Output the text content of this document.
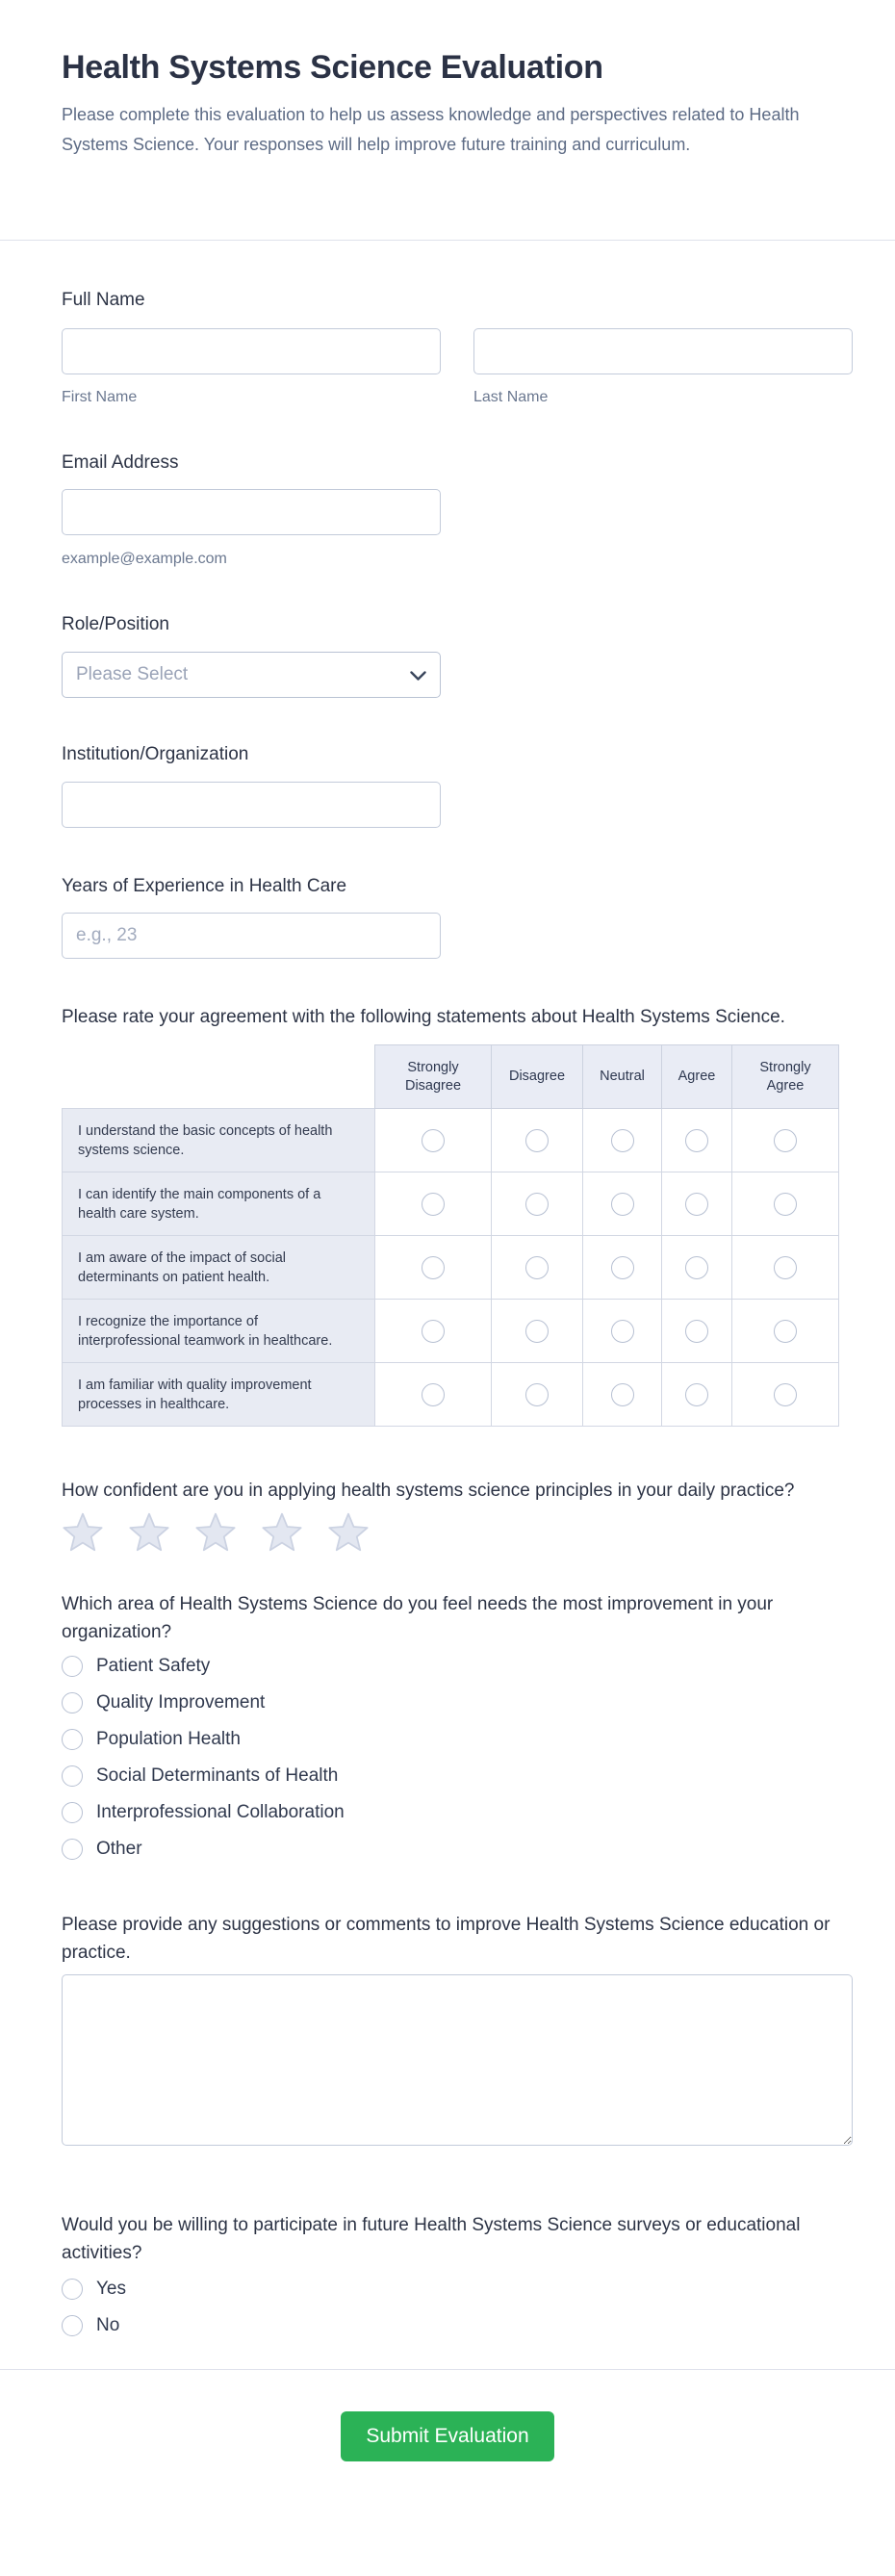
Health Systems Science Evaluation

Please complete this evaluation to help us assess knowledge and perspectives related to Health Systems Science. Your responses will help improve future training and curriculum.

Full Name
First Name	Last Name
Email Address
example@example.com
Role/Position
Please Select
Institution/Organization
Years of Experience in Health Care
e.g., 23
Please rate your agreement with the following statements about Health Systems Science.
	Strongly Disagree	Disagree	Neutral	Agree	Strongly Agree
I understand the basic concepts of health systems science.					
I can identify the main components of a health care system.					
I am aware of the impact of social determinants on patient health.					
I recognize the importance of interprofessional teamwork in healthcare.					
I am familiar with quality improvement processes in healthcare.					
How confident are you in applying health systems science principles in your daily practice?
Which area of Health Systems Science do you feel needs the most improvement in your organization?
Patient Safety
Quality Improvement
Population Health
Social Determinants of Health
Interprofessional Collaboration
Other
Please provide any suggestions or comments to improve Health Systems Science education or practice.
Would you be willing to participate in future Health Systems Science surveys or educational activities?
Yes
No
Submit Evaluation
